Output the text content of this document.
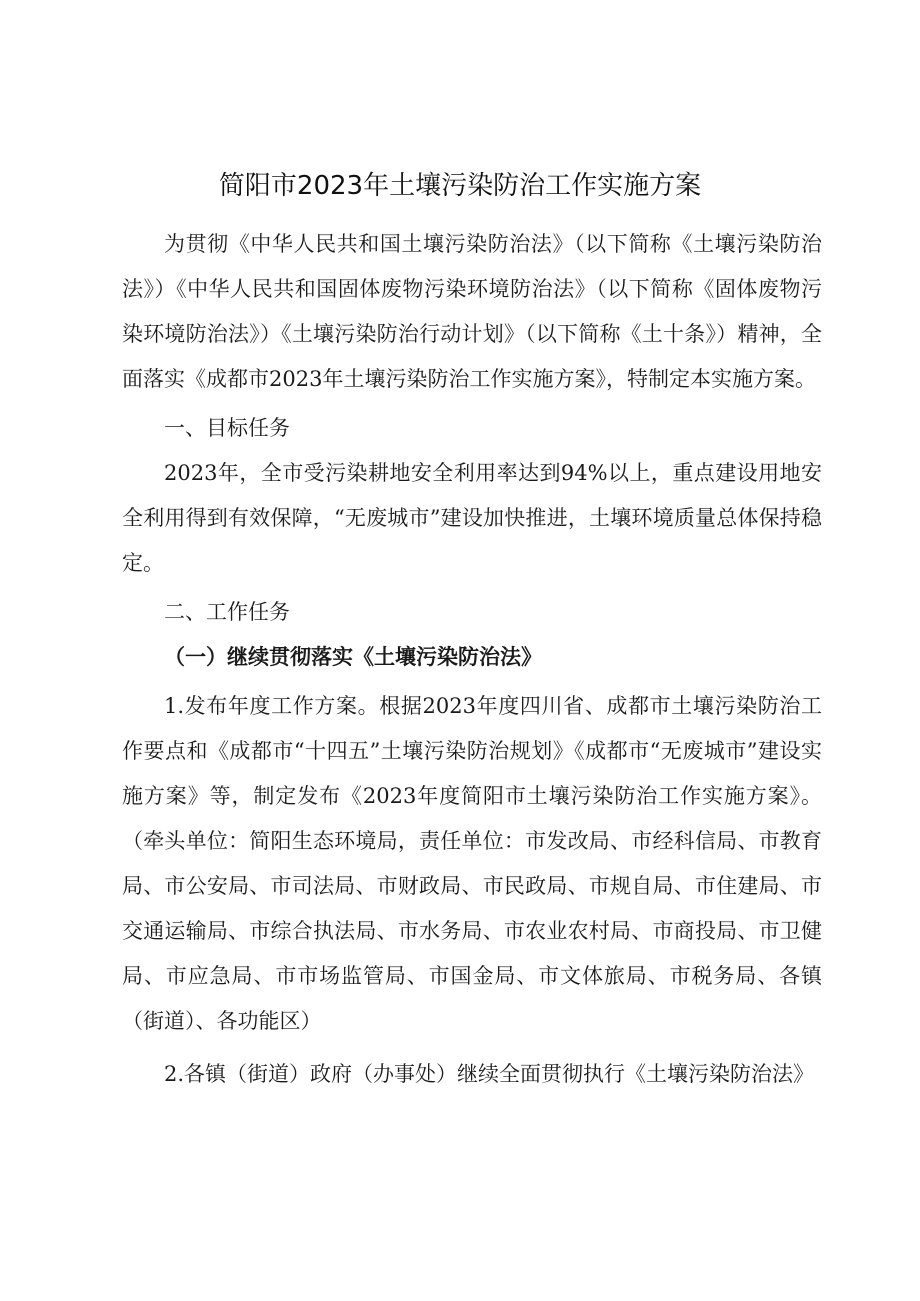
简阳市2023年土壤污染防治工作实施方案

为贯彻《中华人民共和国土壤污染防治法》（以下简称《土壤污染防治法》）《中华人民共和国固体废物污染环境防治法》（以下简称《固体废物污染环境防治法》）《土壤污染防治行动计划》（以下简称《土十条》）精神，全面落实《成都市2023年土壤污染防治工作实施方案》，特制定本实施方案。

一、目标任务

2023年，全市受污染耕地安全利用率达到94%以上，重点建设用地安全利用得到有效保障，“无废城市”建设加快推进，土壤环境质量总体保持稳定。

二、工作任务

（一）继续贯彻落实《土壤污染防治法》

1.发布年度工作方案。根据2023年度四川省、成都市土壤污染防治工作要点和《成都市“十四五”土壤污染防治规划》《成都市“无废城市”建设实施方案》等，制定发布《2023年度简阳市土壤污染防治工作实施方案》。（牵头单位：简阳生态环境局，责任单位：市发改局、市经科信局、市教育局、市公安局、市司法局、市财政局、市民政局、市规自局、市住建局、市交通运输局、市综合执法局、市水务局、市农业农村局、市商投局、市卫健局、市应急局、市市场监管局、市国金局、市文体旅局、市税务局、各镇（街道）、各功能区）

2.各镇（街道）政府（办事处）继续全面贯彻执行《土壤污染防治法》
